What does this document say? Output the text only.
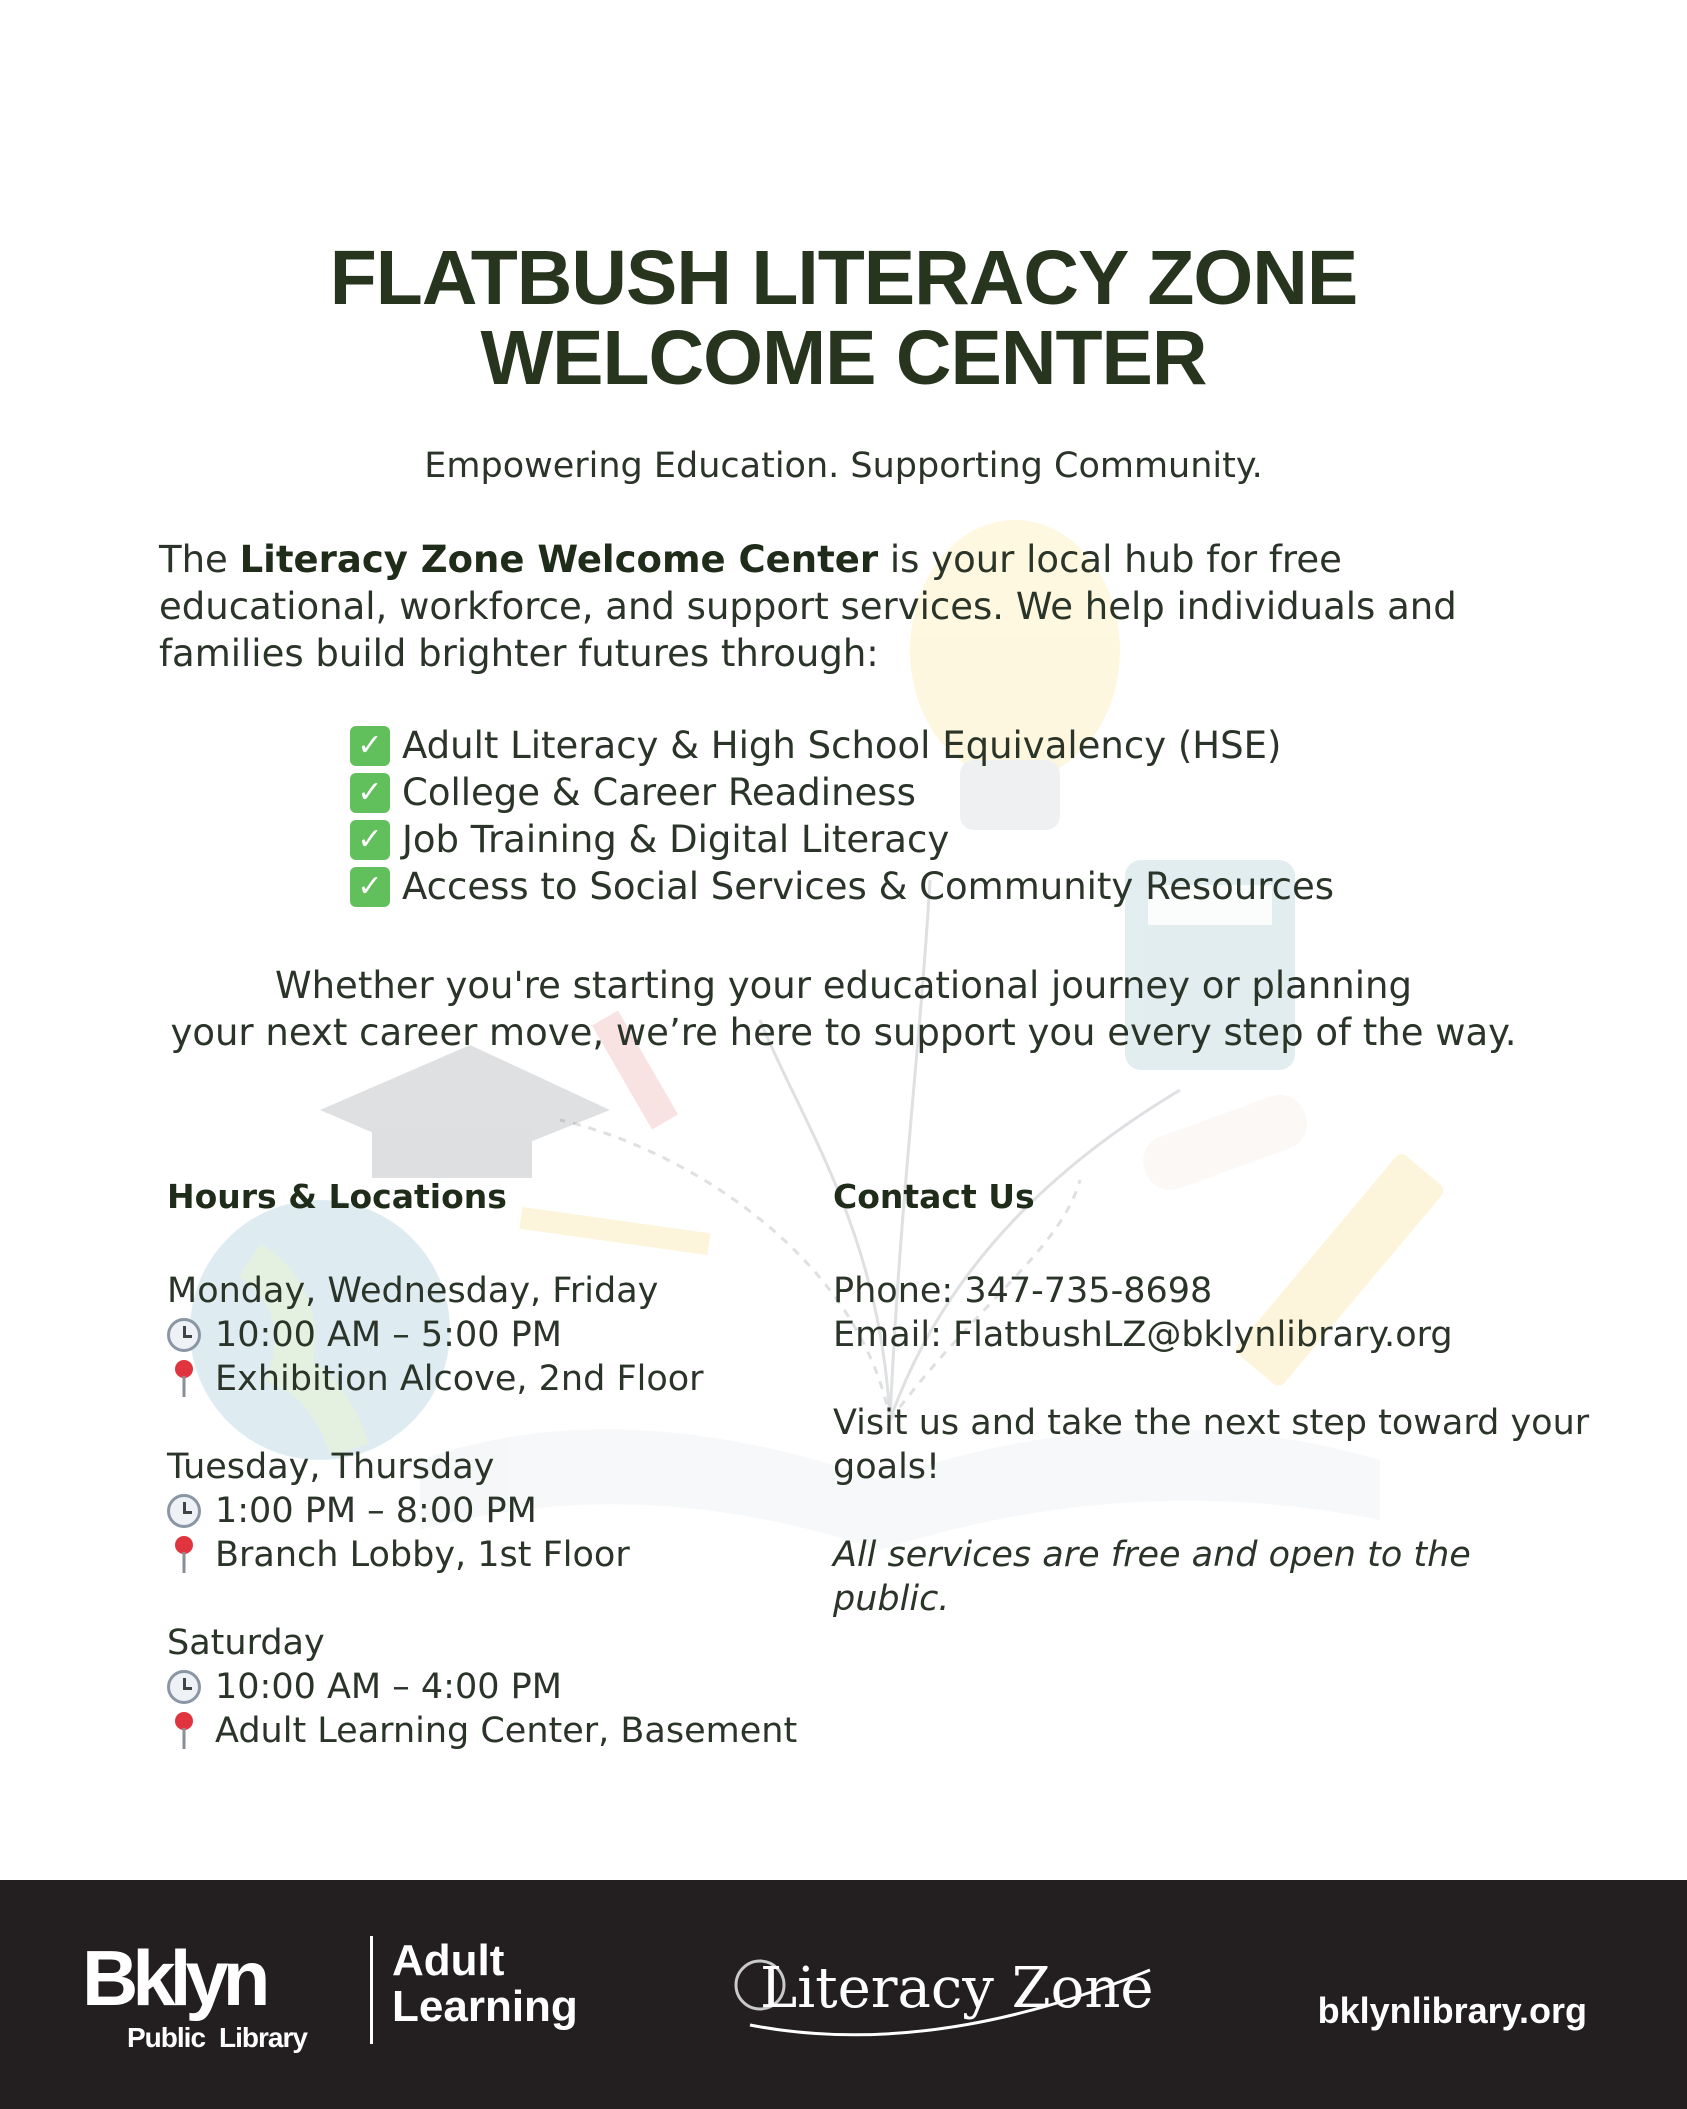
FLATBUSH LITERACY ZONE
WELCOME CENTER

Empowering Education. Supporting Community.

The Literacy Zone Welcome Center is your local hub for free educational, workforce, and support services. We help individuals and families build brighter futures through:

✓ Adult Literacy & High School Equivalency (HSE)
✓ College & Career Readiness
✓ Job Training & Digital Literacy
✓ Access to Social Services & Community Resources

Whether you're starting your educational journey or planning
your next career move, we’re here to support you every step of the way.

Hours & Locations
Monday, Wednesday, Friday
10:00 AM – 5:00 PM
Exhibition Alcove, 2nd Floor
Tuesday, Thursday
1:00 PM – 8:00 PM
Branch Lobby, 1st Floor
Saturday
10:00 AM – 4:00 PM
Adult Learning Center, Basement
Contact Us

Phone: 347-735-8698

Email: FlatbushLZ@bklynlibrary.org

Visit us and take the next step toward your goals!

All services are free and open to the public.

Bklyn
Public Library
Adult
Learning	Literacy Zone	bklynlibrary.org
